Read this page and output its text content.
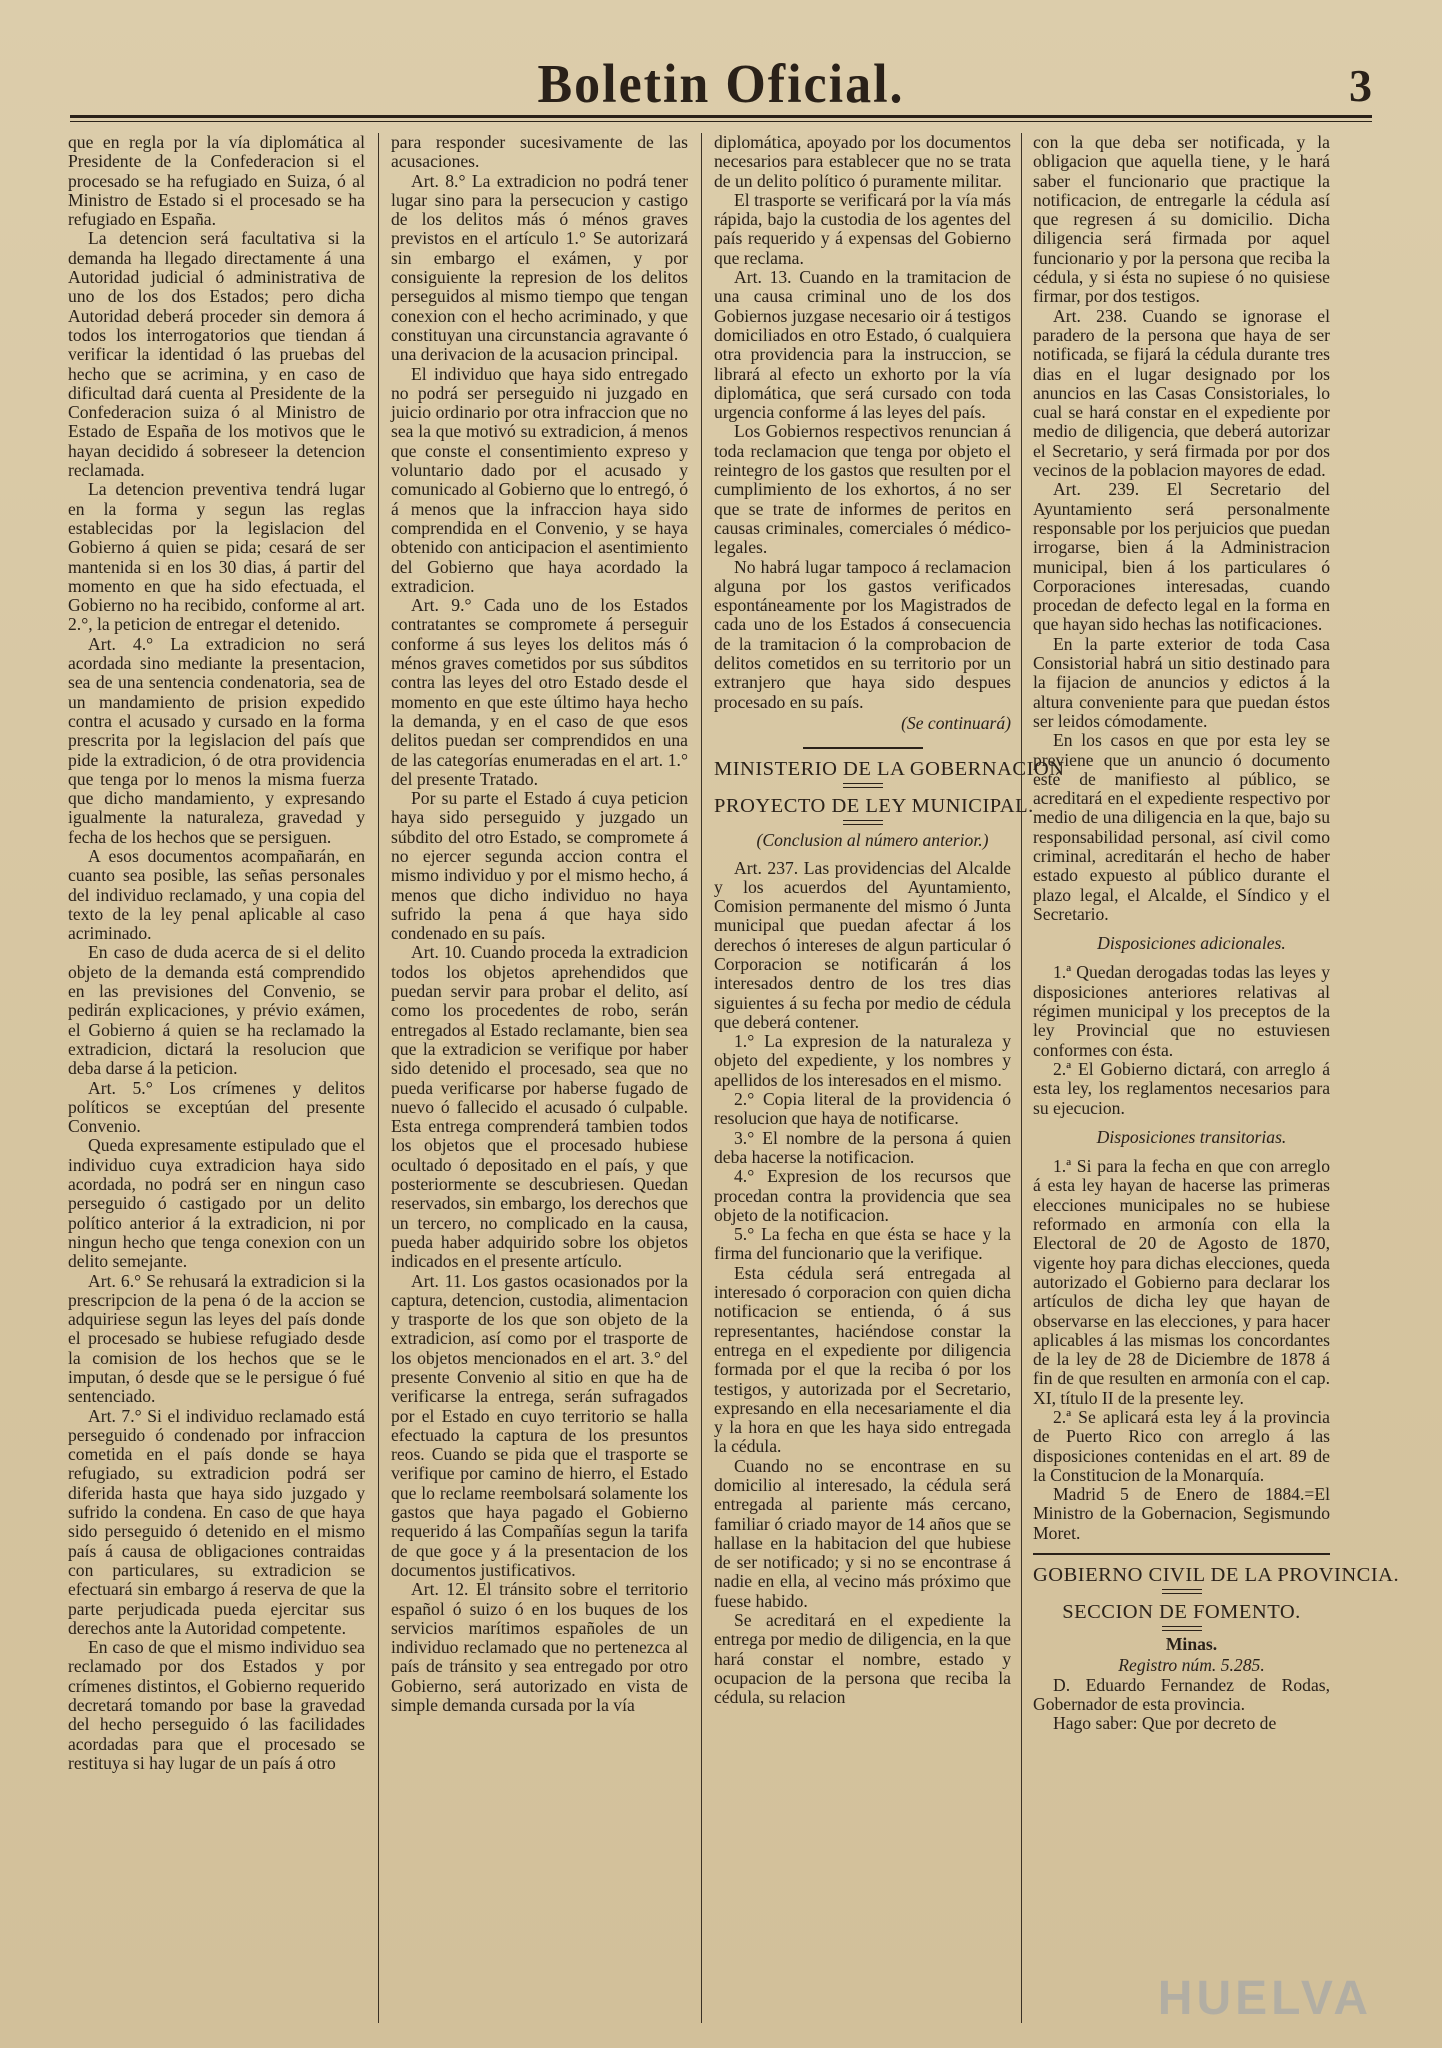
Boletin Oficial.	3

que en regla por la vía diplomática al Presidente de la Confederacion si el procesado se ha refugiado en Suiza, ó al Ministro de Estado si el procesado se ha refugiado en España.

La detencion será facultativa si la demanda ha llegado directamente á una Autoridad judicial ó administrativa de uno de los dos Estados; pero dicha Autoridad deberá proceder sin demora á todos los interrogatorios que tiendan á verificar la identidad ó las pruebas del hecho que se acrimina, y en caso de dificultad dará cuenta al Presidente de la Confederacion suiza ó al Ministro de Estado de España de los motivos que le hayan decidido á sobreseer la detencion reclamada.

La detencion preventiva tendrá lugar en la forma y segun las reglas establecidas por la legislacion del Gobierno á quien se pida; cesará de ser mantenida si en los 30 dias, á partir del momento en que ha sido efectuada, el Gobierno no ha recibido, conforme al art. 2.°, la peticion de entregar el detenido.

Art. 4.° La extradicion no será acordada sino mediante la presentacion, sea de una sentencia condenatoria, sea de un mandamiento de prision expedido contra el acusado y cursado en la forma prescrita por la legislacion del país que pide la extradicion, ó de otra providencia que tenga por lo menos la misma fuerza que dicho mandamiento, y expresando igualmente la naturaleza, gravedad y fecha de los hechos que se persiguen.

A esos documentos acompañarán, en cuanto sea posible, las señas personales del individuo reclamado, y una copia del texto de la ley penal aplicable al caso acriminado.

En caso de duda acerca de si el delito objeto de la demanda está comprendido en las previsiones del Convenio, se pedirán explicaciones, y prévio exámen, el Gobierno á quien se ha reclamado la extradicion, dictará la resolucion que deba darse á la peticion.

Art. 5.° Los crímenes y delitos políticos se exceptúan del presente Convenio.

Queda expresamente estipulado que el individuo cuya extradicion haya sido acordada, no podrá ser en ningun caso perseguido ó castigado por un delito político anterior á la extradicion, ni por ningun hecho que tenga conexion con un delito semejante.

Art. 6.° Se rehusará la extradicion si la prescripcion de la pena ó de la accion se adquiriese segun las leyes del país donde el procesado se hubiese refugiado desde la comision de los hechos que se le imputan, ó desde que se le persigue ó fué sentenciado.

Art. 7.° Si el individuo reclamado está perseguido ó condenado por infraccion cometida en el país donde se haya refugiado, su extradicion podrá ser diferida hasta que haya sido juzgado y sufrido la condena. En caso de que haya sido perseguido ó detenido en el mismo país á causa de obligaciones contraidas con particulares, su extradicion se efectuará sin embargo á reserva de que la parte perjudicada pueda ejercitar sus derechos ante la Autoridad competente.

En caso de que el mismo individuo sea reclamado por dos Estados y por crímenes distintos, el Gobierno requerido decretará tomando por base la gravedad del hecho perseguido ó las facilidades acordadas para que el procesado se restituya si hay lugar de un país á otro

para responder sucesivamente de las acusaciones.

Art. 8.° La extradicion no podrá tener lugar sino para la persecucion y castigo de los delitos más ó ménos graves previstos en el artículo 1.° Se autorizará sin embargo el exámen, y por consiguiente la represion de los delitos perseguidos al mismo tiempo que tengan conexion con el hecho acriminado, y que constituyan una circunstancia agravante ó una derivacion de la acusacion principal.

El individuo que haya sido entregado no podrá ser perseguido ni juzgado en juicio ordinario por otra infraccion que no sea la que motivó su extradicion, á menos que conste el consentimiento expreso y voluntario dado por el acusado y comunicado al Gobierno que lo entregó, ó á menos que la infraccion haya sido comprendida en el Convenio, y se haya obtenido con anticipacion el asentimiento del Gobierno que haya acordado la extradicion.

Art. 9.° Cada uno de los Estados contratantes se compromete á perseguir conforme á sus leyes los delitos más ó ménos graves cometidos por sus súbditos contra las leyes del otro Estado desde el momento en que este último haya hecho la demanda, y en el caso de que esos delitos puedan ser comprendidos en una de las categorías enumeradas en el art. 1.° del presente Tratado.

Por su parte el Estado á cuya peticion haya sido perseguido y juzgado un súbdito del otro Estado, se compromete á no ejercer segunda accion contra el mismo individuo y por el mismo hecho, á menos que dicho individuo no haya sufrido la pena á que haya sido condenado en su país.

Art. 10. Cuando proceda la extradicion todos los objetos aprehendidos que puedan servir para probar el delito, así como los procedentes de robo, serán entregados al Estado reclamante, bien sea que la extradicion se verifique por haber sido detenido el procesado, sea que no pueda verificarse por haberse fugado de nuevo ó fallecido el acusado ó culpable. Esta entrega comprenderá tambien todos los objetos que el procesado hubiese ocultado ó depositado en el país, y que posteriormente se descubriesen. Quedan reservados, sin embargo, los derechos que un tercero, no complicado en la causa, pueda haber adquirido sobre los objetos indicados en el presente artículo.

Art. 11. Los gastos ocasionados por la captura, detencion, custodia, alimentacion y trasporte de los que son objeto de la extradicion, así como por el trasporte de los objetos mencionados en el art. 3.° del presente Convenio al sitio en que ha de verificarse la entrega, serán sufragados por el Estado en cuyo territorio se halla efectuado la captura de los presuntos reos. Cuando se pida que el trasporte se verifique por camino de hierro, el Estado que lo reclame reembolsará solamente los gastos que haya pagado el Gobierno requerido á las Compañías segun la tarifa de que goce y á la presentacion de los documentos justificativos.

Art. 12. El tránsito sobre el territorio español ó suizo ó en los buques de los servicios marítimos españoles de un individuo reclamado que no pertenezca al país de tránsito y sea entregado por otro Gobierno, será autorizado en vista de simple demanda cursada por la vía

diplomática, apoyado por los documentos necesarios para establecer que no se trata de un delito político ó puramente militar.

El trasporte se verificará por la vía más rápida, bajo la custodia de los agentes del país requerido y á expensas del Gobierno que reclama.

Art. 13. Cuando en la tramitacion de una causa criminal uno de los dos Gobiernos juzgase necesario oir á testigos domiciliados en otro Estado, ó cualquiera otra providencia para la instruccion, se librará al efecto un exhorto por la vía diplomática, que será cursado con toda urgencia conforme á las leyes del país.

Los Gobiernos respectivos renuncian á toda reclamacion que tenga por objeto el reintegro de los gastos que resulten por el cumplimiento de los exhortos, á no ser que se trate de informes de peritos en causas criminales, comerciales ó médico-legales.

No habrá lugar tampoco á reclamacion alguna por los gastos verificados espontáneamente por los Magistrados de cada uno de los Estados á consecuencia de la tramitacion ó la comprobacion de delitos cometidos en su territorio por un extranjero que haya sido despues procesado en su país.

(Se continuará)

MINISTERIO DE LA GOBERNACION
PROYECTO DE LEY MUNICIPAL.

(Conclusion al número anterior.)

Art. 237. Las providencias del Alcalde y los acuerdos del Ayuntamiento, Comision permanente del mismo ó Junta municipal que puedan afectar á los derechos ó intereses de algun particular ó Corporacion se notificarán á los interesados dentro de los tres dias siguientes á su fecha por medio de cédula que deberá contener.

1.° La expresion de la naturaleza y objeto del expediente, y los nombres y apellidos de los interesados en el mismo.

2.° Copia literal de la providencia ó resolucion que haya de notificarse.

3.° El nombre de la persona á quien deba hacerse la notificacion.

4.° Expresion de los recursos que procedan contra la providencia que sea objeto de la notificacion.

5.° La fecha en que ésta se hace y la firma del funcionario que la verifique.

Esta cédula será entregada al interesado ó corporacion con quien dicha notificacion se entienda, ó á sus representantes, haciéndose constar la entrega en el expediente por diligencia formada por el que la reciba ó por los testigos, y autorizada por el Secretario, expresando en ella necesariamente el dia y la hora en que les haya sido entregada la cédula.

Cuando no se encontrase en su domicilio al interesado, la cédula será entregada al pariente más cercano, familiar ó criado mayor de 14 años que se hallase en la habitacion del que hubiese de ser notificado; y si no se encontrase á nadie en ella, al vecino más próximo que fuese habido.

Se acreditará en el expediente la entrega por medio de diligencia, en la que hará constar el nombre, estado y ocupacion de la persona que reciba la cédula, su relacion

con la que deba ser notificada, y la obligacion que aquella tiene, y le hará saber el funcionario que practique la notificacion, de entregarle la cédula así que regresen á su domicilio. Dicha diligencia será firmada por aquel funcionario y por la persona que reciba la cédula, y si ésta no supiese ó no quisiese firmar, por dos testigos.

Art. 238. Cuando se ignorase el paradero de la persona que haya de ser notificada, se fijará la cédula durante tres dias en el lugar designado por los anuncios en las Casas Consistoriales, lo cual se hará constar en el expediente por medio de diligencia, que deberá autorizar el Secretario, y será firmada por por dos vecinos de la poblacion mayores de edad.

Art. 239. El Secretario del Ayuntamiento será personalmente responsable por los perjuicios que puedan irrogarse, bien á la Administracion municipal, bien á los particulares ó Corporaciones interesadas, cuando procedan de defecto legal en la forma en que hayan sido hechas las notificaciones.

En la parte exterior de toda Casa Consistorial habrá un sitio destinado para la fijacion de anuncios y edictos á la altura conveniente para que puedan éstos ser leidos cómodamente.

En los casos en que por esta ley se previene que un anuncio ó documento esté de manifiesto al público, se acreditará en el expediente respectivo por medio de una diligencia en la que, bajo su responsabilidad personal, así civil como criminal, acreditarán el hecho de haber estado expuesto al público durante el plazo legal, el Alcalde, el Síndico y el Secretario.

Disposiciones adicionales.

1.ª Quedan derogadas todas las leyes y disposiciones anteriores relativas al régimen municipal y los preceptos de la ley Provincial que no estuviesen conformes con ésta.

2.ª El Gobierno dictará, con arreglo á esta ley, los reglamentos necesarios para su ejecucion.

Disposiciones transitorias.

1.ª Si para la fecha en que con arreglo á esta ley hayan de hacerse las primeras elecciones municipales no se hubiese reformado en armonía con ella la Electoral de 20 de Agosto de 1870, vigente hoy para dichas elecciones, queda autorizado el Gobierno para declarar los artículos de dicha ley que hayan de observarse en las elecciones, y para hacer aplicables á las mismas los concordantes de la ley de 28 de Diciembre de 1878 á fin de que resulten en armonía con el cap. XI, título II de la presente ley.

2.ª Se aplicará esta ley á la provincia de Puerto Rico con arreglo á las disposiciones contenidas en el art. 89 de la Constitucion de la Monarquía.

Madrid 5 de Enero de 1884.=El Ministro de la Gobernacion, Segismundo Moret.

GOBIERNO CIVIL DE LA PROVINCIA.
SECCION DE FOMENTO.

Minas.

Registro núm. 5.285.

D. Eduardo Fernandez de Rodas, Gobernador de esta provincia.

Hago saber: Que por decreto de

HUELVA
